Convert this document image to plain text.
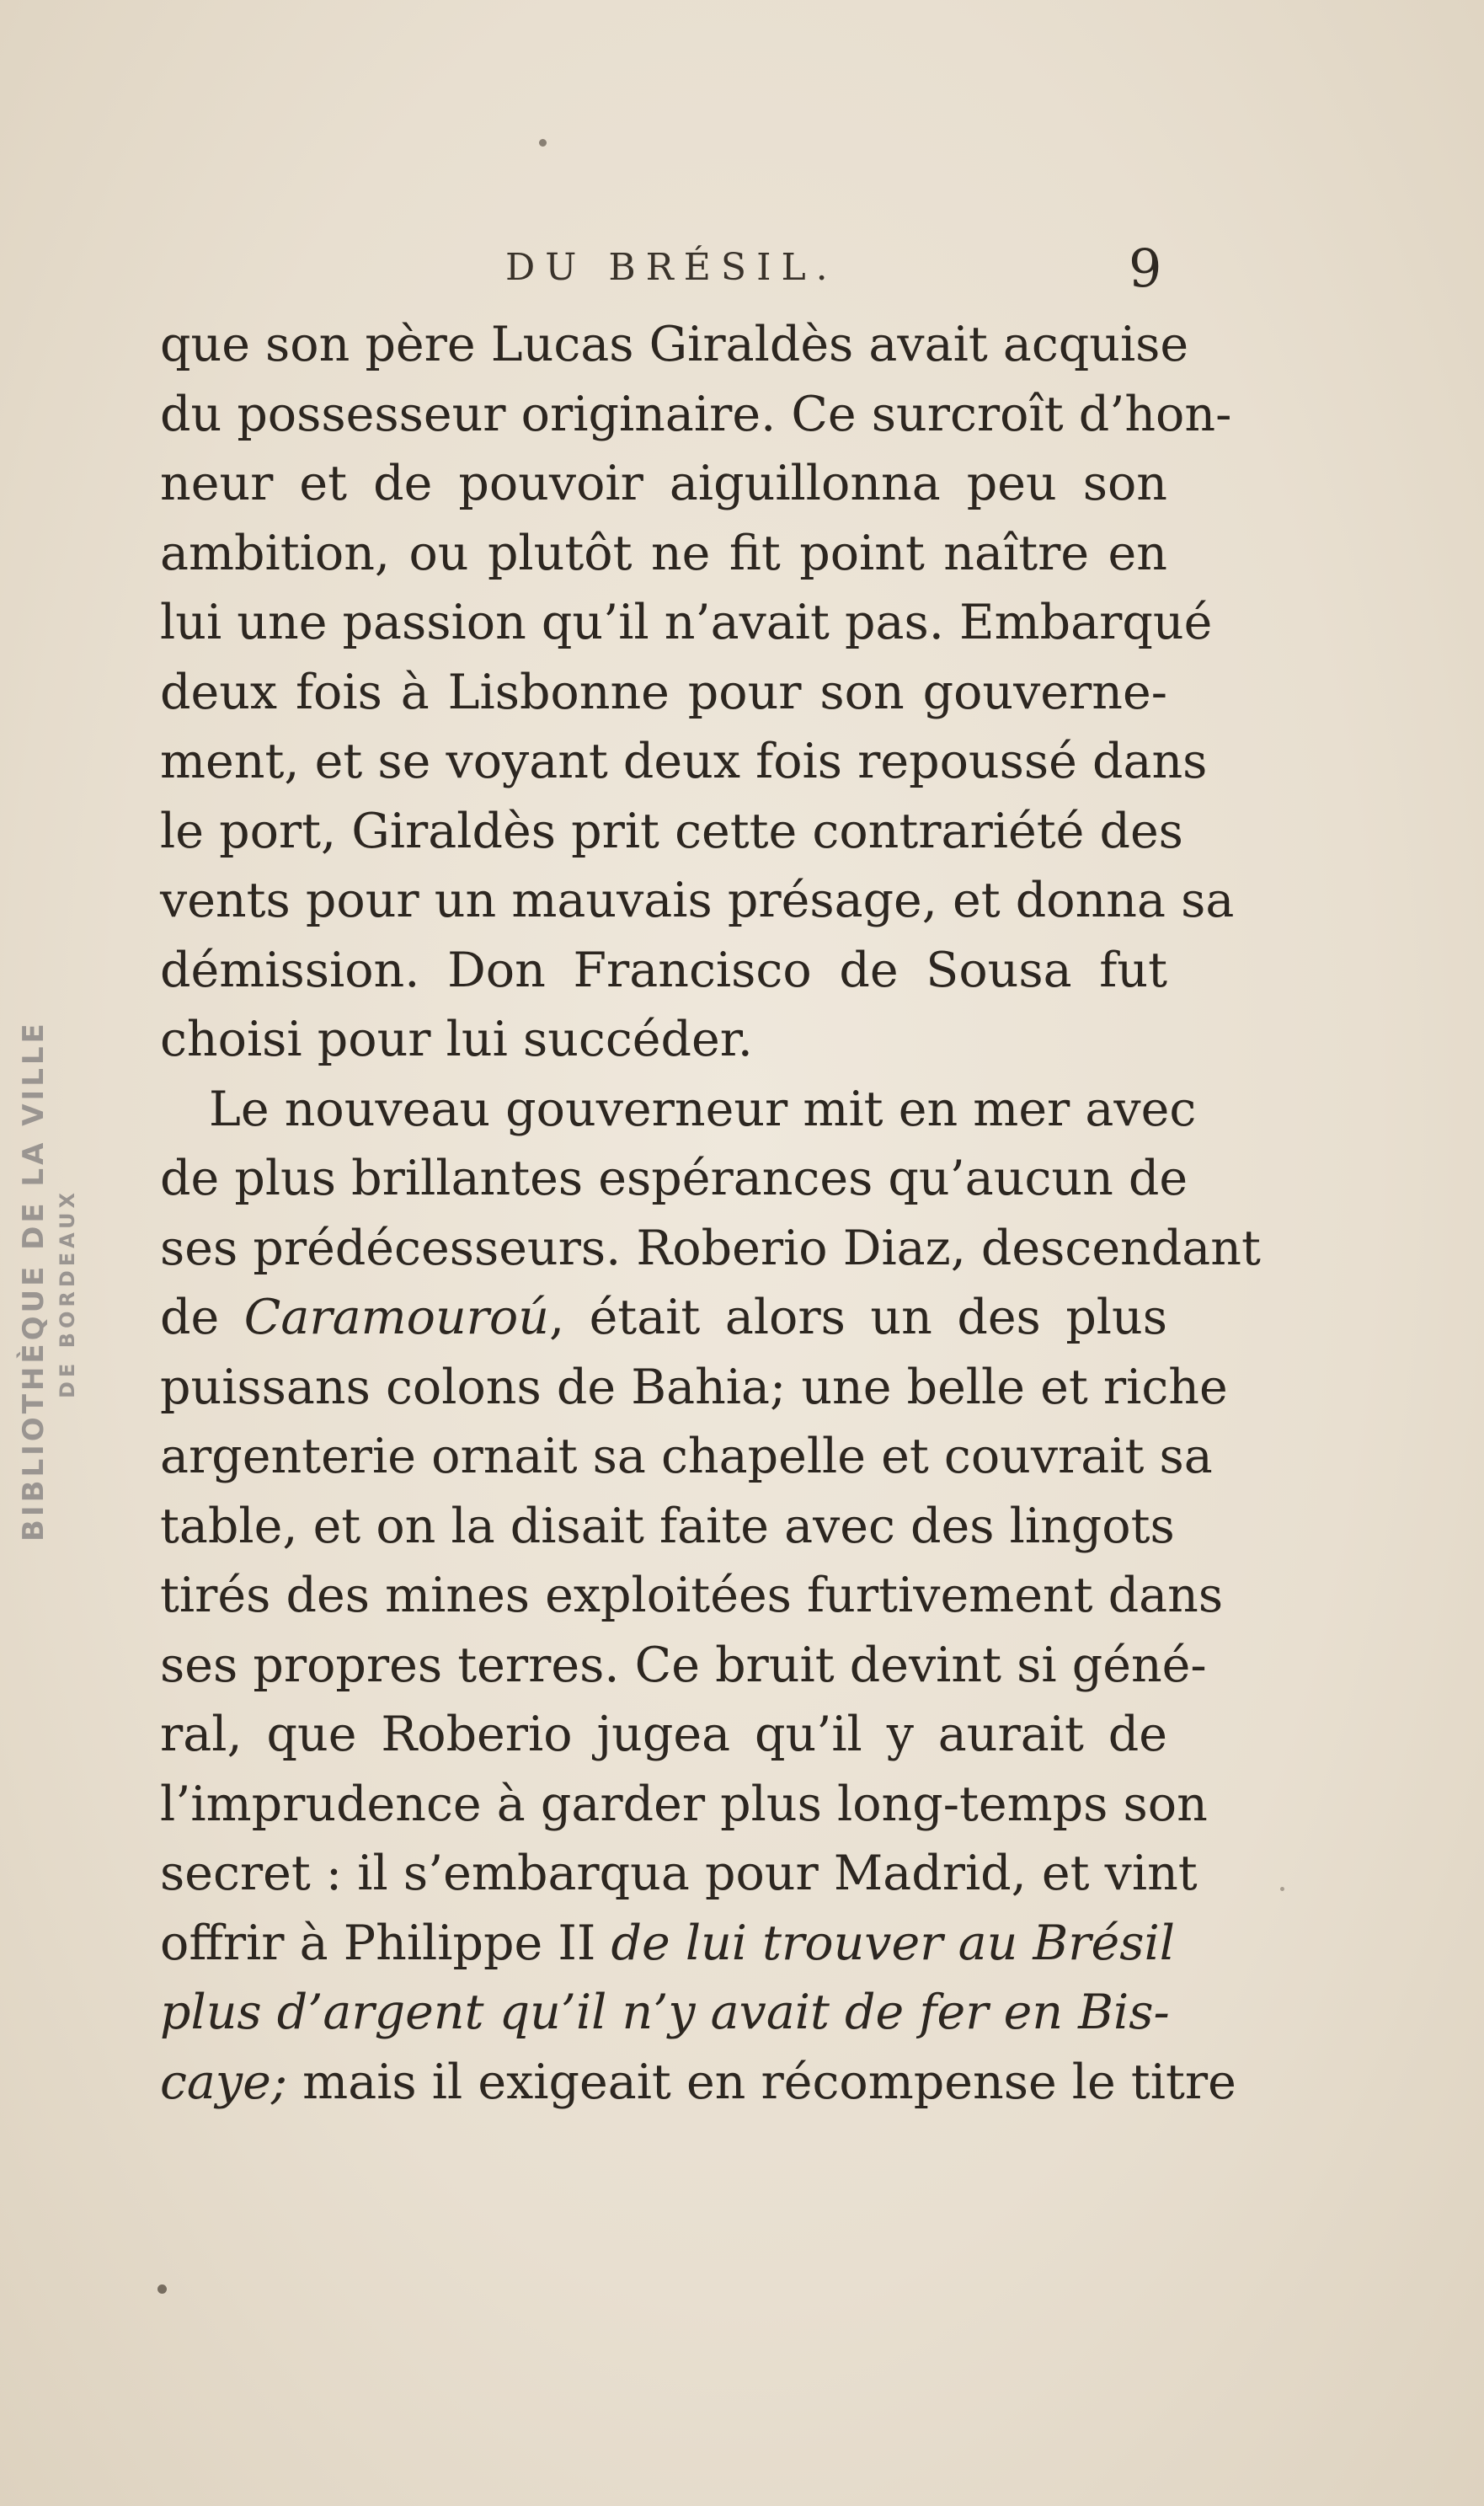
DU BRÉSIL.	9
que son père Lucas Giraldès avait acquise
du possesseur originaire. Ce surcroît d’hon-
neur et de pouvoir aiguillonna peu son
ambition, ou plutôt ne fit point naître en
lui une passion qu’il n’avait pas. Embarqué
deux fois à Lisbonne pour son gouverne-
ment, et se voyant deux fois repoussé dans
le port, Giraldès prit cette contrariété des
vents pour un mauvais présage, et donna sa
démission. Don Francisco de Sousa fut
choisi pour lui succéder.
Le nouveau gouverneur mit en mer avec
de plus brillantes espérances qu’aucun de
ses prédécesseurs. Roberio Diaz, descendant
de Caramouroú, était alors un des plus
puissans colons de Bahia; une belle et riche
argenterie ornait sa chapelle et couvrait sa
table, et on la disait faite avec des lingots
tirés des mines exploitées furtivement dans
ses propres terres. Ce bruit devint si géné-
ral, que Roberio jugea qu’il y aurait de
l’imprudence à garder plus long-temps son
secret : il s’embarqua pour Madrid, et vint
offrir à Philippe II de lui trouver au Brésil
plus d’argent qu’il n’y avait de fer en Bis-
caye; mais il exigeait en récompense le titre
BIBLIOTHÈQUE DE LA VILLE DE BORDEAUX
